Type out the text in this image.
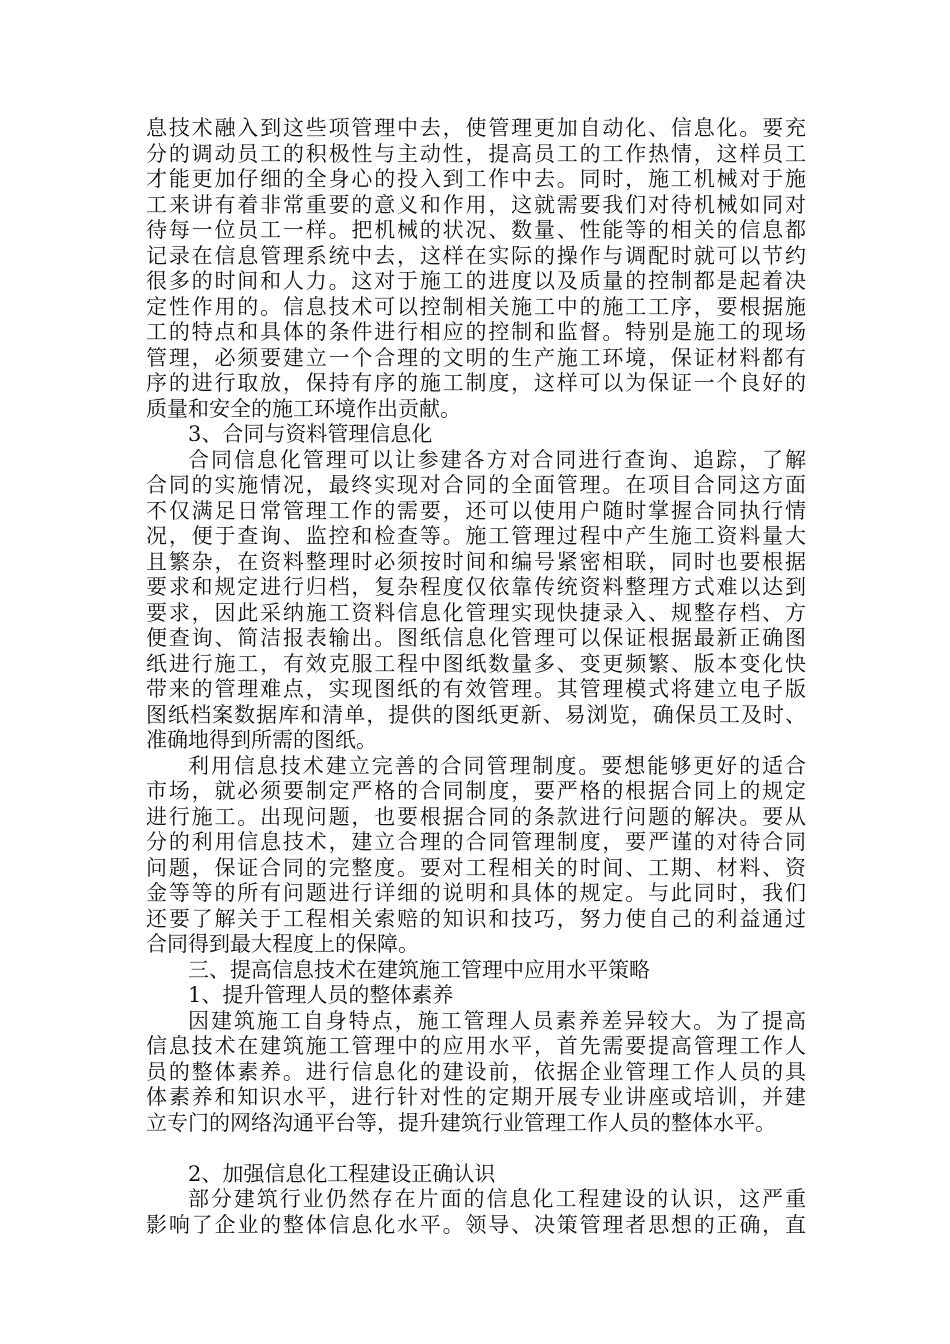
息技术融入到这些项管理中去，使管理更加自动化、信息化。要充
分的调动员工的积极性与主动性，提高员工的工作热情，这样员工
才能更加仔细的全身心的投入到工作中去。同时，施工机械对于施
工来讲有着非常重要的意义和作用，这就需要我们对待机械如同对
待每一位员工一样。把机械的状况、数量、性能等的相关的信息都
记录在信息管理系统中去，这样在实际的操作与调配时就可以节约
很多的时间和人力。这对于施工的进度以及质量的控制都是起着决
定性作用的。信息技术可以控制相关施工中的施工工序，要根据施
工的特点和具体的条件进行相应的控制和监督。特别是施工的现场
管理，必须要建立一个合理的文明的生产施工环境，保证材料都有
序的进行取放，保持有序的施工制度，这样可以为保证一个良好的
质量和安全的施工环境作出贡献。
3、合同与资料管理信息化
合同信息化管理可以让参建各方对合同进行查询、追踪，了解
合同的实施情况，最终实现对合同的全面管理。在项目合同这方面
不仅满足日常管理工作的需要，还可以使用户随时掌握合同执行情
况，便于查询、监控和检查等。施工管理过程中产生施工资料量大
且繁杂，在资料整理时必须按时间和编号紧密相联，同时也要根据
要求和规定进行归档，复杂程度仅依靠传统资料整理方式难以达到
要求，因此采纳施工资料信息化管理实现快捷录入、规整存档、方
便查询、简洁报表输出。图纸信息化管理可以保证根据最新正确图
纸进行施工，有效克服工程中图纸数量多、变更频繁、版本变化快
带来的管理难点，实现图纸的有效管理。其管理模式将建立电子版
图纸档案数据库和清单，提供的图纸更新、易浏览，确保员工及时、
准确地得到所需的图纸。
利用信息技术建立完善的合同管理制度。要想能够更好的适合
市场，就必须要制定严格的合同制度，要严格的根据合同上的规定
进行施工。出现问题，也要根据合同的条款进行问题的解决。要从
分的利用信息技术，建立合理的合同管理制度，要严谨的对待合同
问题，保证合同的完整度。要对工程相关的时间、工期、材料、资
金等等的所有问题进行详细的说明和具体的规定。与此同时，我们
还要了解关于工程相关索赔的知识和技巧，努力使自己的利益通过
合同得到最大程度上的保障。
三、提高信息技术在建筑施工管理中应用水平策略
1、提升管理人员的整体素养
因建筑施工自身特点，施工管理人员素养差异较大。为了提高
信息技术在建筑施工管理中的应用水平，首先需要提高管理工作人
员的整体素养。进行信息化的建设前，依据企业管理工作人员的具
体素养和知识水平，进行针对性的定期开展专业讲座或培训，并建
立专门的网络沟通平台等，提升建筑行业管理工作人员的整体水平。
2、加强信息化工程建设正确认识
部分建筑行业仍然存在片面的信息化工程建设的认识，这严重
影响了企业的整体信息化水平。领导、决策管理者思想的正确，直
